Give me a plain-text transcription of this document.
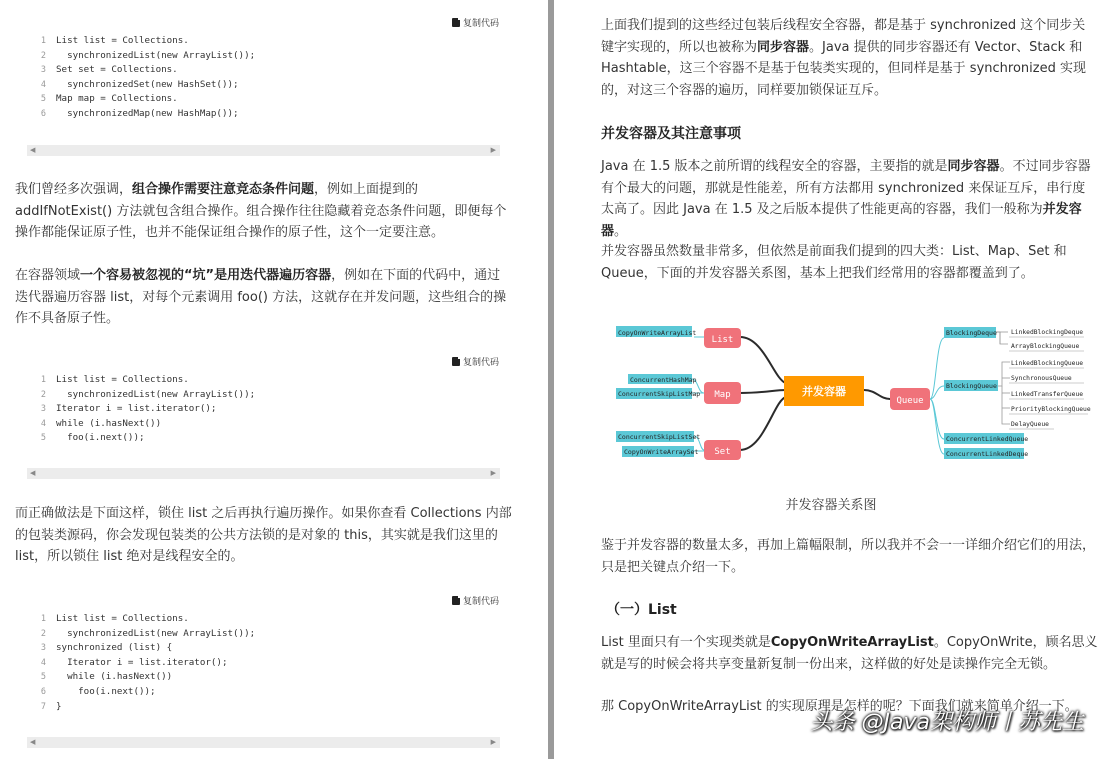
复制代码
1 List list = Collections.
2 synchronizedList(new ArrayList());
3 Set set = Collections.
4 synchronizedSet(new HashSet());
5 Map map = Collections.
6 synchronizedMap(new HashMap());
◀	▶
我们曾经多次强调，组合操作需要注意竞态条件问题，例如上面提到的 addIfNotExist() 方法就包含组合操作。组合操作往往隐藏着竞态条件问题，即便每个操作都能保证原子性，也并不能保证组合操作的原子性，这个一定要注意。
在容器领域一个容易被忽视的“坑”是用迭代器遍历容器，例如在下面的代码中，通过迭代器遍历容器 list，对每个元素调用 foo() 方法，这就存在并发问题，这些组合的操作不具备原子性。
复制代码
1 List list = Collections.
2 synchronizedList(new ArrayList());
3 Iterator i = list.iterator();
4 while (i.hasNext())
5 foo(i.next());
◀	▶
而正确做法是下面这样，锁住 list 之后再执行遍历操作。如果你查看 Collections 内部的包装类源码，你会发现包装类的公共方法锁的是对象的 this，其实就是我们这里的 list，所以锁住 list 绝对是线程安全的。
复制代码
1 List list = Collections.
2 synchronizedList(new ArrayList());
3 synchronized (list) {
4 Iterator i = list.iterator();
5 while (i.hasNext())
6 foo(i.next());
7 }
◀	▶
上面我们提到的这些经过包装后线程安全容器，都是基于 synchronized 这个同步关键字实现的，所以也被称为同步容器。Java 提供的同步容器还有 Vector、Stack 和 Hashtable，这三个容器不是基于包装类实现的，但同样是基于 synchronized 实现的，对这三个容器的遍历，同样要加锁保证互斥。
并发容器及其注意事项
Java 在 1.5 版本之前所谓的线程安全的容器，主要指的就是同步容器。不过同步容器有个最大的问题，那就是性能差，所有方法都用 synchronized 来保证互斥，串行度太高了。因此 Java 在 1.5 及之后版本提供了性能更高的容器，我们一般称为并发容器。
并发容器虽然数量非常多，但依然是前面我们提到的四大类：List、Map、Set 和 Queue，下面的并发容器关系图，基本上把我们经常用的容器都覆盖到了。
鉴于并发容器的数量太多，再加上篇幅限制，所以我并不会一一详细介绍它们的用法，只是把关键点介绍一下。
（一）List
List 里面只有一个实现类就是CopyOnWriteArrayList。CopyOnWrite，顾名思义就是写的时候会将共享变量新复制一份出来，这样做的好处是读操作完全无锁。
那 CopyOnWriteArrayList 的实现原理是怎样的呢？下面我们就来简单介绍一下。
并发容器
List
Map
Set
Queue
CopyOnWriteArrayList
ConcurrentHashMap
ConcurrentSkipListMap
ConcurrentSkipListSet
CopyOnWriteArraySet
BlockingDeque
BlockingQueue
ConcurrentLinkedQueue
ConcurrentLinkedDeque
LinkedBlockingDeque
ArrayBlockingQueue
LinkedBlockingQueue
SynchronousQueue
LinkedTransferQueue
PriorityBlockingQueue
DelayQueue
并发容器关系图
头条 @Java架构师丨苏先生
